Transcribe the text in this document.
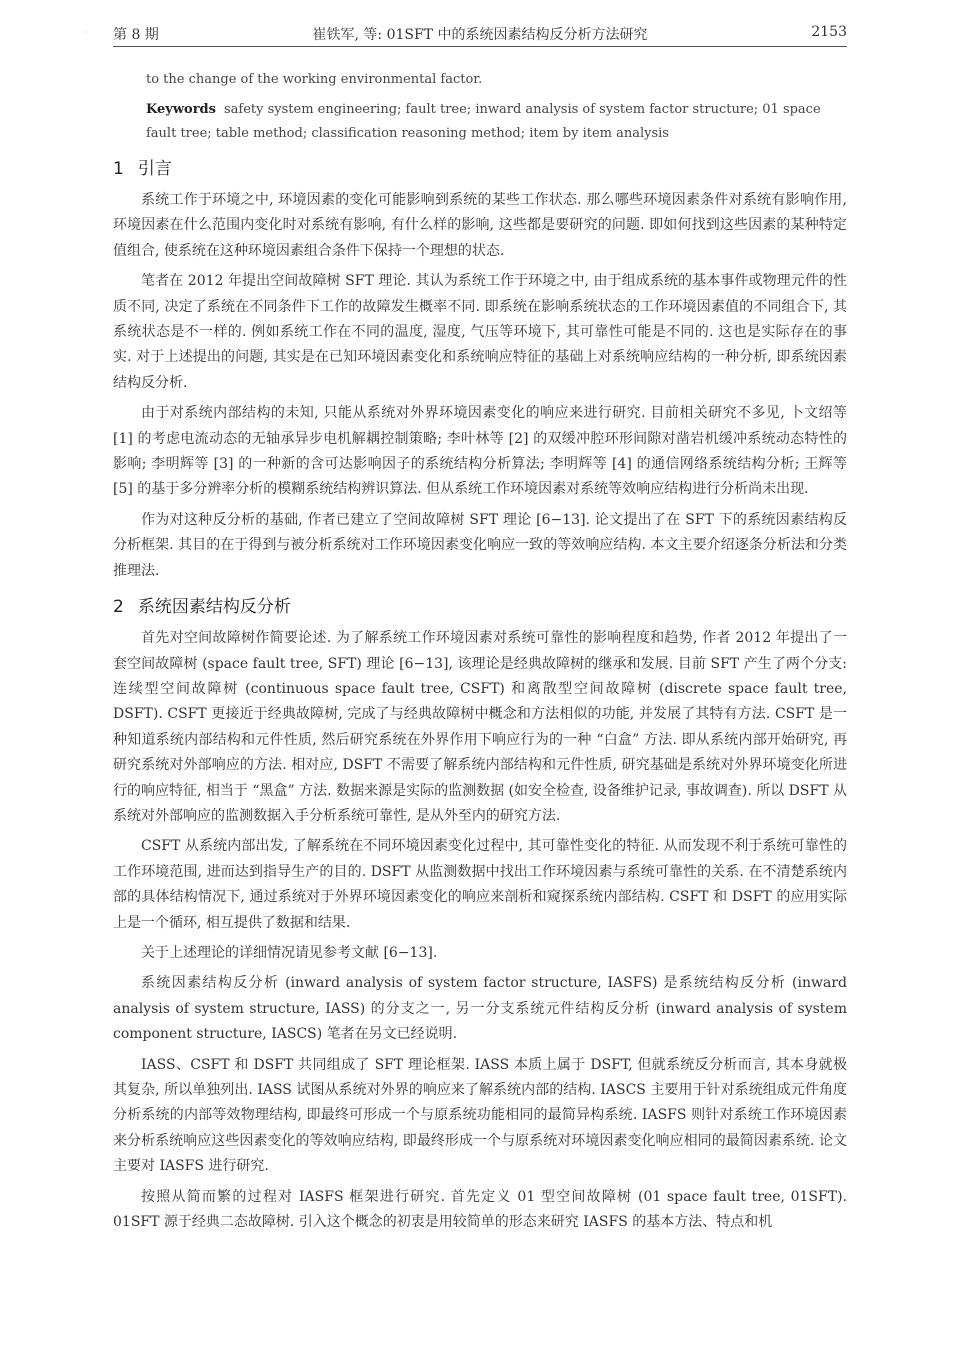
第 8 期	崔铁军, 等: 01SFT 中的系统因素结构反分析方法研究	2153
to the change of the working environmental factor.
Keywords safety system engineering; fault tree; inward analysis of system factor structure; 01 space fault tree; table method; classification reasoning method; item by item analysis
1 引言

系统工作于环境之中, 环境因素的变化可能影响到系统的某些工作状态. 那么哪些环境因素条件对系统有影响作用, 环境因素在什么范围内变化时对系统有影响, 有什么样的影响, 这些都是要研究的问题. 即如何找到这些因素的某种特定值组合, 使系统在这种环境因素组合条件下保持一个理想的状态.

笔者在 2012 年提出空间故障树 SFT 理论. 其认为系统工作于环境之中, 由于组成系统的基本事件或物理元件的性质不同, 决定了系统在不同条件下工作的故障发生概率不同. 即系统在影响系统状态的工作环境因素值的不同组合下, 其系统状态是不一样的. 例如系统工作在不同的温度, 湿度, 气压等环境下, 其可靠性可能是不同的. 这也是实际存在的事实. 对于上述提出的问题, 其实是在已知环境因素变化和系统响应特征的基础上对系统响应结构的一种分析, 即系统因素结构反分析.

由于对系统内部结构的未知, 只能从系统对外界环境因素变化的响应来进行研究. 目前相关研究不多见, 卜文绍等 [1] 的考虑电流动态的无轴承异步电机解耦控制策略; 李叶林等 [2] 的双缓冲腔环形间隙对凿岩机缓冲系统动态特性的影响; 李明辉等 [3] 的一种新的含可达影响因子的系统结构分析算法; 李明辉等 [4] 的通信网络系统结构分析; 王辉等 [5] 的基于多分辨率分析的模糊系统结构辨识算法. 但从系统工作环境因素对系统等效响应结构进行分析尚未出现.

作为对这种反分析的基础, 作者已建立了空间故障树 SFT 理论 [6−13]. 论文提出了在 SFT 下的系统因素结构反分析框架. 其目的在于得到与被分析系统对工作环境因素变化响应一致的等效响应结构. 本文主要介绍逐条分析法和分类推理法.

2 系统因素结构反分析

首先对空间故障树作简要论述. 为了解系统工作环境因素对系统可靠性的影响程度和趋势, 作者 2012 年提出了一套空间故障树 (space fault tree, SFT) 理论 [6−13], 该理论是经典故障树的继承和发展. 目前 SFT 产生了两个分支: 连续型空间故障树 (continuous space fault tree, CSFT) 和离散型空间故障树 (discrete space fault tree, DSFT). CSFT 更接近于经典故障树, 完成了与经典故障树中概念和方法相似的功能, 并发展了其特有方法. CSFT 是一种知道系统内部结构和元件性质, 然后研究系统在外界作用下响应行为的一种 “白盒” 方法. 即从系统内部开始研究, 再研究系统对外部响应的方法. 相对应, DSFT 不需要了解系统内部结构和元件性质, 研究基础是系统对外界环境变化所进行的响应特征, 相当于 “黑盒” 方法. 数据来源是实际的监测数据 (如安全检查, 设备维护记录, 事故调查). 所以 DSFT 从系统对外部响应的监测数据入手分析系统可靠性, 是从外至内的研究方法.

CSFT 从系统内部出发, 了解系统在不同环境因素变化过程中, 其可靠性变化的特征. 从而发现不利于系统可靠性的工作环境范围, 进而达到指导生产的目的. DSFT 从监测数据中找出工作环境因素与系统可靠性的关系. 在不清楚系统内部的具体结构情况下, 通过系统对于外界环境因素变化的响应来剖析和窥探系统内部结构. CSFT 和 DSFT 的应用实际上是一个循环, 相互提供了数据和结果.

关于上述理论的详细情况请见参考文献 [6−13].

系统因素结构反分析 (inward analysis of system factor structure, IASFS) 是系统结构反分析 (inward analysis of system structure, IASS) 的分支之一, 另一分支系统元件结构反分析 (inward analysis of system component structure, IASCS) 笔者在另文已经说明.

IASS、CSFT 和 DSFT 共同组成了 SFT 理论框架. IASS 本质上属于 DSFT, 但就系统反分析而言, 其本身就极其复杂, 所以单独列出. IASS 试图从系统对外界的响应来了解系统内部的结构. IASCS 主要用于针对系统组成元件角度分析系统的内部等效物理结构, 即最终可形成一个与原系统功能相同的最简异构系统. IASFS 则针对系统工作环境因素来分析系统响应这些因素变化的等效响应结构, 即最终形成一个与原系统对环境因素变化响应相同的最简因素系统. 论文主要对 IASFS 进行研究.

按照从简而繁的过程对 IASFS 框架进行研究. 首先定义 01 型空间故障树 (01 space fault tree, 01SFT). 01SFT 源于经典二态故障树. 引入这个概念的初衷是用较简单的形态来研究 IASFS 的基本方法、特点和机
